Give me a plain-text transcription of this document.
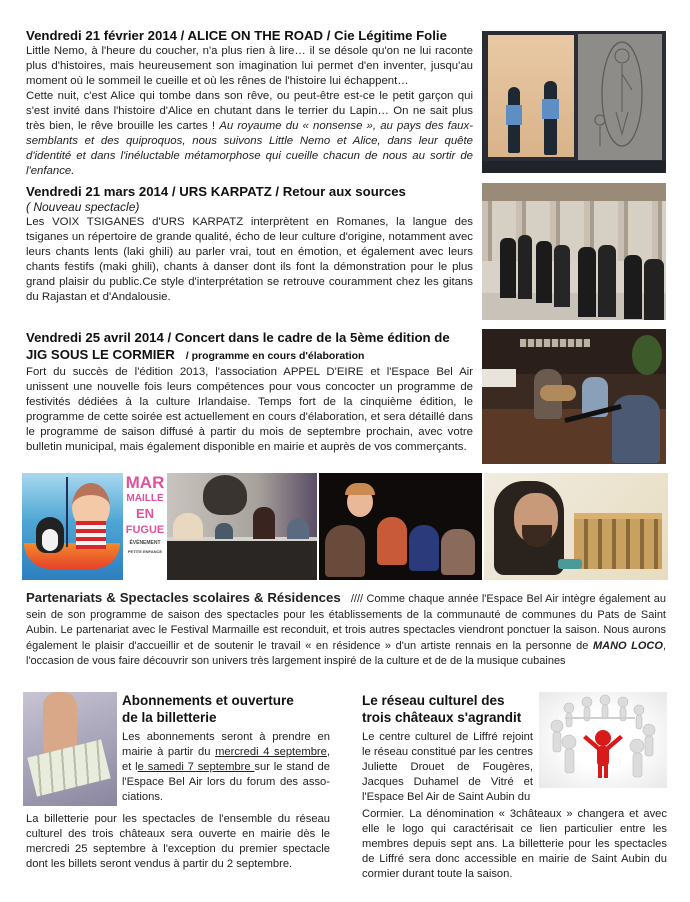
Vendredi 21 février 2014 / ALICE ON THE ROAD / Cie Légitime Folie
Little Nemo, à l'heure du coucher, n'a plus rien à lire… il se désole qu'on ne lui raconte plus d'histoires, mais heureusement son imagination lui permet d'en inventer, jusqu'au moment où le sommeil le cueille et où les rênes de l'histoire lui échappent…
Cette nuit, c'est Alice qui tombe dans son rêve, ou peut-être est-ce le petit garçon qui s'est invité dans l'histoire d'Alice en chutant dans le terrier du Lapin… On ne sait plus très bien, le rêve brouille les cartes ! Au royaume du « nonsense », au pays des faux-semblants et des quiproquos, nous suivons Little Nemo et Alice, dans leur quête d'identité et dans l'inéluctable métamorphose qui cueille chacun de nous au sortir de l'enfance.
Vendredi 21 mars 2014 / URS KARPATZ / Retour aux sources
( Nouveau spectacle)
Les VOIX TSIGANES d'URS KARPATZ interprètent en Romanes, la langue des tsiganes un répertoire de grande qualité, écho de leur culture d'origine, notamment avec leurs chants lents (laki ghili) au parler vrai, tout en émotion, et également avec leurs chants festifs (maki ghili), chants à danser dont ils font la démonstration pour le plus grand plaisir du public.Ce style d'interprétation se retrouve couramment chez les gitans du Rajastan et d'Andalousie.
Vendredi 25 avril 2014 / Concert dans le cadre de la 5ème édition de
JIG SOUS LE CORMIER / programme en cours d'élaboration
Fort du succès de l'édition 2013, l'association APPEL D'EIRE et l'Espace Bel Air unissent une nouvelle fois leurs compétences pour vous concocter un programme de festivités dédiées à la culture Irlandaise. Temps fort de la cinquième édition, le programme de cette soirée est actuellement en cours d'élaboration, et sera détaillé dans le programme de saison diffusé à partir du mois de septembre prochain, avec votre bulletin municipal, mais également disponible en mairie et auprès de vos commerçants.
MAR
MAILLE
EN
FUGUE
ÉVÉNEMENT
PETITE ENFANCE
Partenariats & Spectacles scolaires & Résidences //// Comme chaque année l'Espace Bel Air intègre également au sein de son programme de saison des spectacles pour les établissements de la communauté de communes du Pats de Saint Aubin. Le partenariat avec le Festival Marmaille est reconduit, et trois autres spectacles viendront ponctuer la saison. Nous aurons également le plaisir d'accueillir et de soutenir le travail « en résidence » d'un artiste rennais en la personne de MANO LOCO, l'occasion de vous faire découvrir son univers très largement inspiré de la culture et de de la musique cubaines
Abonnements et ouverture
de la billetterie
Les abonnements seront à prendre en mairie à partir du mercredi 4 septembre, et le samedi 7 septembre sur le stand de l'Espace Bel Air lors du forum des asso-ciations.
La billetterie pour les spectacles de l'ensemble du réseau culturel des trois châteaux sera ouverte en mairie dès le mercredi 25 septembre à l'exception du premier spectacle dont les billets seront vendus à partir du 2 septembre.
Le réseau culturel des
trois châteaux s'agrandit
Le centre culturel de Liffré rejoint le réseau constitué par les centres Juliette Drouet de Fougères, Jacques Duhamel de Vitré et l'Espace Bel Air de Saint Aubin du
Cormier. La dénomination « 3châteaux » changera et avec elle le logo qui caractérisait ce lien particulier entre les membres depuis sept ans. La billetterie pour les spectacles de Liffré sera donc accessible en mairie de Saint Aubin du cormier durant toute la saison.
